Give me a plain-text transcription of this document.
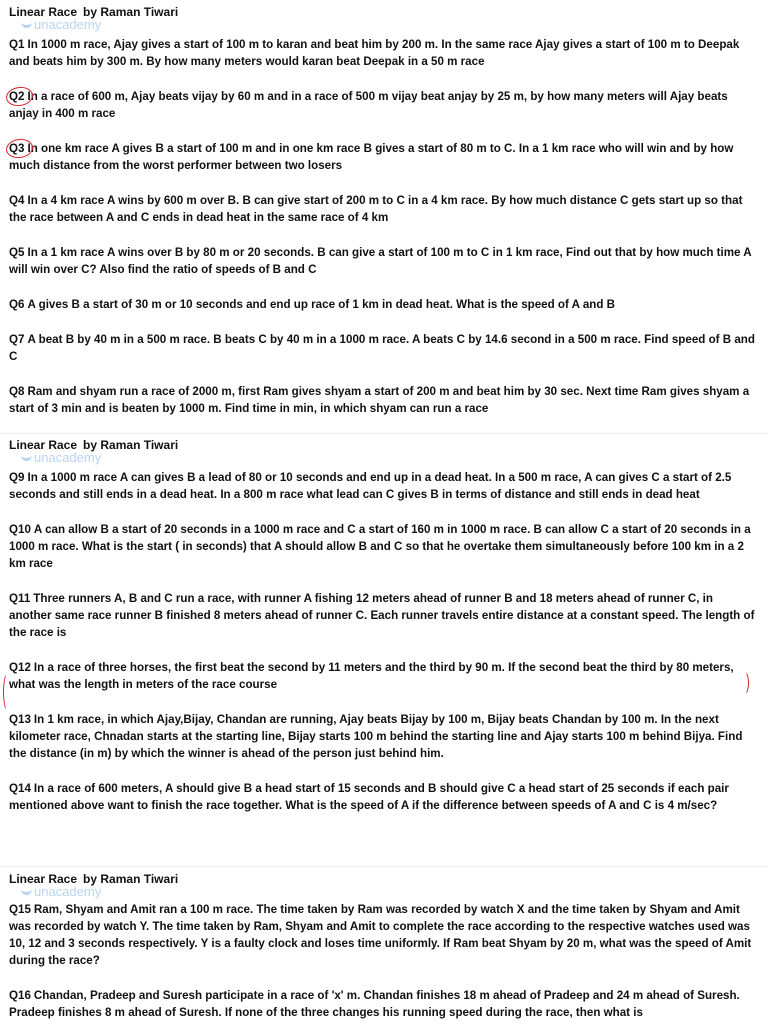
Linear Race by Raman Tiwari
unacademy

Q1 In 1000 m race, Ajay gives a start of 100 m to karan and beat him by 200 m. In the same race Ajay gives a start of 100 m to Deepak and beats him by 300 m. By how many meters would karan beat Deepak in a 50 m race

Q2 In a race of 600 m, Ajay beats vijay by 60 m and in a race of 500 m vijay beat anjay by 25 m, by how many meters will Ajay beats anjay in 400 m race

Q3 In one km race A gives B a start of 100 m and in one km race B gives a start of 80 m to C. In a 1 km race who will win and by how much distance from the worst performer between two losers

Q4 In a 4 km race A wins by 600 m over B. B can give start of 200 m to C in a 4 km race. By how much distance C gets start up so that the race between A and C ends in dead heat in the same race of 4 km

Q5 In a 1 km race A wins over B by 80 m or 20 seconds. B can give a start of 100 m to C in 1 km race, Find out that by how much time A will win over C? Also find the ratio of speeds of B and C

Q6 A gives B a start of 30 m or 10 seconds and end up race of 1 km in dead heat. What is the speed of A and B

Q7 A beat B by 40 m in a 500 m race. B beats C by 40 m in a 1000 m race. A beats C by 14.6 second in a 500 m race. Find speed of B and C

Q8 Ram and shyam run a race of 2000 m, first Ram gives shyam a start of 200 m and beat him by 30 sec. Next time Ram gives shyam a start of 3 min and is beaten by 1000 m. Find time in min, in which shyam can run a race

Linear Race by Raman Tiwari
unacademy

Q9 In a 1000 m race A can gives B a lead of 80 or 10 seconds and end up in a dead heat. In a 500 m race, A can gives C a start of 2.5 seconds and still ends in a dead heat. In a 800 m race what lead can C gives B in terms of distance and still ends in dead heat

Q10 A can allow B a start of 20 seconds in a 1000 m race and C a start of 160 m in 1000 m race. B can allow C a start of 20 seconds in a 1000 m race. What is the start ( in seconds) that A should allow B and C so that he overtake them simultaneously before 100 km in a 2 km race

Q11 Three runners A, B and C run a race, with runner A fishing 12 meters ahead of runner B and 18 meters ahead of runner C, in another same race runner B finished 8 meters ahead of runner C. Each runner travels entire distance at a constant speed. The length of the race is

Q12 In a race of three horses, the first beat the second by 11 meters and the third by 90 m. If the second beat the third by 80 meters, what was the length in meters of the race course

Q13 In 1 km race, in which Ajay,Bijay, Chandan are running, Ajay beats Bijay by 100 m, Bijay beats Chandan by 100 m. In the next kilometer race, Chnadan starts at the starting line, Bijay starts 100 m behind the starting line and Ajay starts 100 m behind Bijya. Find the distance (in m) by which the winner is ahead of the person just behind him.

Q14 In a race of 600 meters, A should give B a head start of 15 seconds and B should give C a head start of 25 seconds if each pair mentioned above want to finish the race together. What is the speed of A if the difference between speeds of A and C is 4 m/sec?

Linear Race by Raman Tiwari
unacademy

Q15 Ram, Shyam and Amit ran a 100 m race. The time taken by Ram was recorded by watch X and the time taken by Shyam and Amit was recorded by watch Y. The time taken by Ram, Shyam and Amit to complete the race according to the respective watches used was 10, 12 and 3 seconds respectively. Y is a faulty clock and loses time uniformly. If Ram beat Shyam by 20 m, what was the speed of Amit during the race?

Q16 Chandan, Pradeep and Suresh participate in a race of 'x' m. Chandan finishes 18 m ahead of Pradeep and 24 m ahead of Suresh. Pradeep finishes 8 m ahead of Suresh. If none of the three changes his running speed during the race, then what is
